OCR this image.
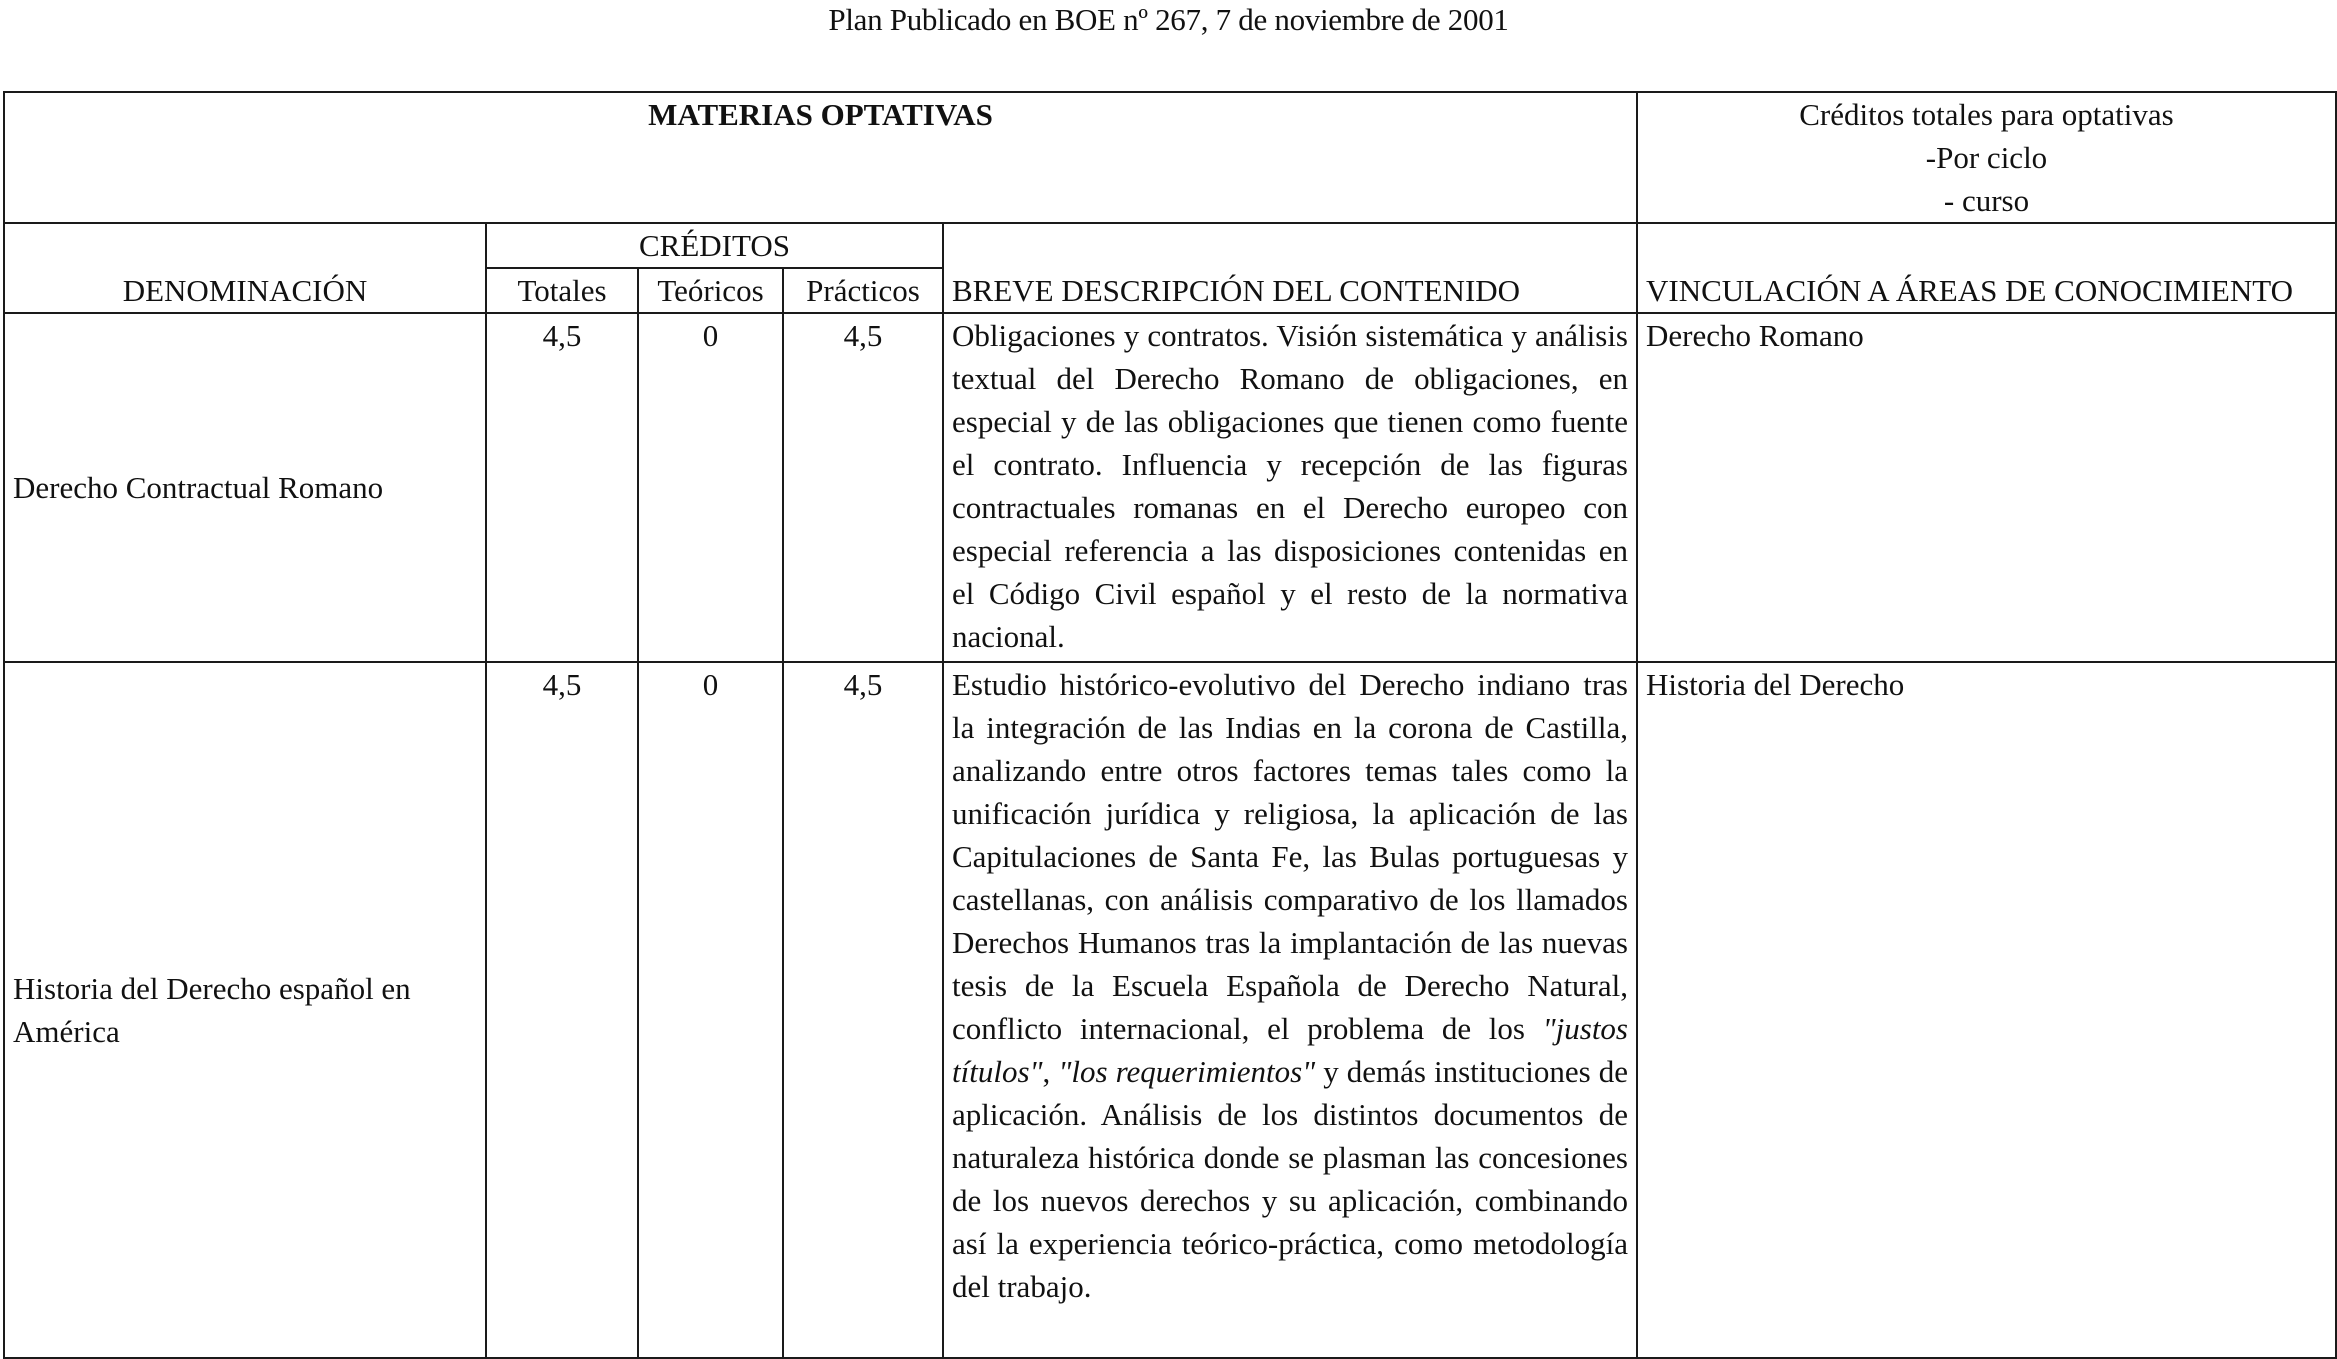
Plan Publicado en BOE nº 267, 7 de noviembre de 2001
MATERIAS OPTATIVAS					Créditos totales para optativas
-Por ciclo
- curso

DENOMINACIÓN	CRÉDITOS			BREVE DESCRIPCIÓN DEL CONTENIDO	VINCULACIÓN A ÁREAS DE CONOCIMIENTO
	Totales	Teóricos	Prácticos		
Derecho Contractual Romano	4,5	0	4,5	Obligaciones y contratos. Visión sistemática y análisis textual del Derecho Romano de obligaciones, en especial y de las obligaciones que tienen como fuente el contrato. Influencia y recepción de las figuras contractuales romanas en el Derecho europeo con especial referencia a las disposiciones contenidas en el Código Civil español y el resto de la normativa nacional.	Derecho Romano
Historia del Derecho español en América	4,5	0	4,5	Estudio histórico-evolutivo del Derecho indiano tras la integración de las Indias en la corona de Castilla, analizando entre otros factores temas tales como la unificación jurídica y religiosa, la aplicación de las Capitulaciones de Santa Fe, las Bulas portuguesas y castellanas, con análisis comparativo de los llamados Derechos Humanos tras la implantación de las nuevas tesis de la Escuela Española de Derecho Natural, conflicto internacional, el problema de los "justos títulos", "los requerimientos" y demás instituciones de aplicación. Análisis de los distintos documentos de naturaleza histórica donde se plasman las concesiones de los nuevos derechos y su aplicación, combinando así la experiencia teórico-práctica, como metodología del trabajo.	Historia del Derecho
